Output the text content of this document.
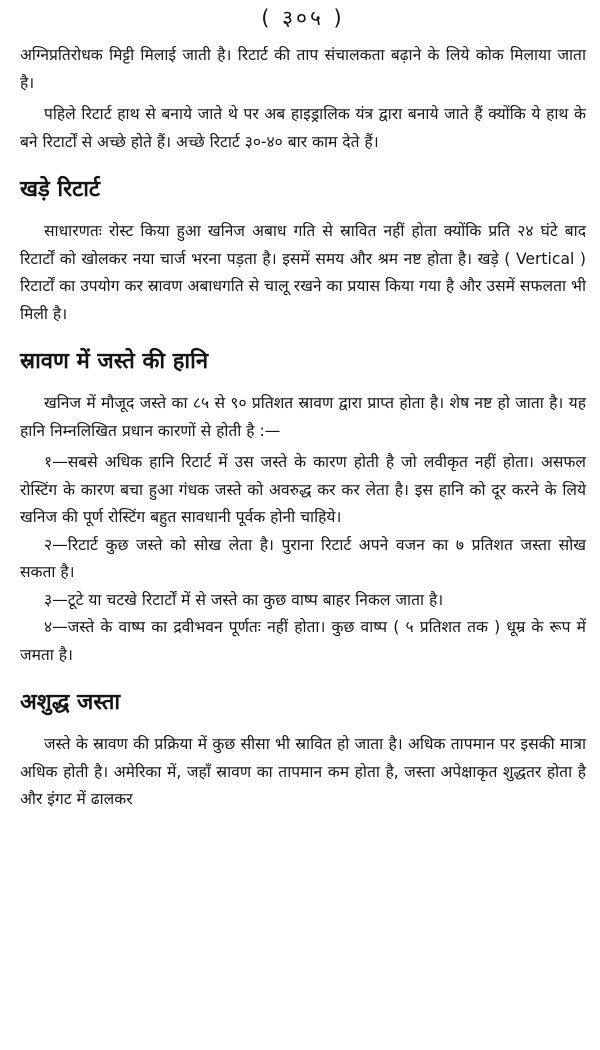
( ३०५ )

अग्निप्रतिरोधक मिट्टी मिलाई जाती है। रिटार्ट की ताप संचालकता बढ़ाने के लिये कोक मिलाया जाता है।

पहिले रिटार्ट हाथ से बनाये जाते थे पर अब हाइड्रालिक यंत्र द्वारा बनाये जाते हैं क्योंकि ये हाथ के बने रिटार्टों से अच्छे होते हैं। अच्छे रिटार्ट ३०-४० बार काम देते हैं।

खड़े रिटार्ट

साधारणतः रोस्ट किया हुआ खनिज अबाध गति से स्रावित नहीं होता क्योंकि प्रति २४ घंटे बाद रिटार्टों को खोलकर नया चार्ज भरना पड़ता है। इसमें समय और श्रम नष्ट होता है। खड़े ( Vertical ) रिटार्टों का उपयोग कर स्रावण अबाधगति से चालू रखने का प्रयास किया गया है और उसमें सफलता भी मिली है।

स्रावण में जस्ते की हानि

खनिज में मौजूद जस्ते का ८५ से ९० प्रतिशत स्रावण द्वारा प्राप्त होता है। शेष नष्ट हो जाता है। यह हानि निम्नलिखित प्रधान कारणों से होती है :—

१—सबसे अधिक हानि रिटार्ट में उस जस्ते के कारण होती है जो लवीकृत नहीं होता। असफल रोस्टिंग के कारण बचा हुआ गंधक जस्ते को अवरुद्ध कर कर लेता है। इस हानि को दूर करने के लिये खनिज की पूर्ण रोस्टिंग बहुत सावधानी पूर्वक होनी चाहिये।

२—रिटार्ट कुछ जस्ते को सोख लेता है। पुराना रिटार्ट अपने वजन का ७ प्रतिशत जस्ता सोख सकता है।

३—टूटे या चटखे रिटार्टों में से जस्ते का कुछ वाष्प बाहर निकल जाता है।

४—जस्ते के वाष्प का द्रवीभवन पूर्णतः नहीं होता। कुछ वाष्प ( ५ प्रतिशत तक ) धूम्र के रूप में जमता है।

अशुद्ध जस्ता

जस्ते के स्रावण की प्रक्रिया में कुछ सीसा भी स्रावित हो जाता है। अधिक तापमान पर इसकी मात्रा अधिक होती है। अमेरिका में, जहाँ स्रावण का तापमान कम होता है, जस्ता अपेक्षाकृत शुद्धतर होता है और इंगट में ढालकर
